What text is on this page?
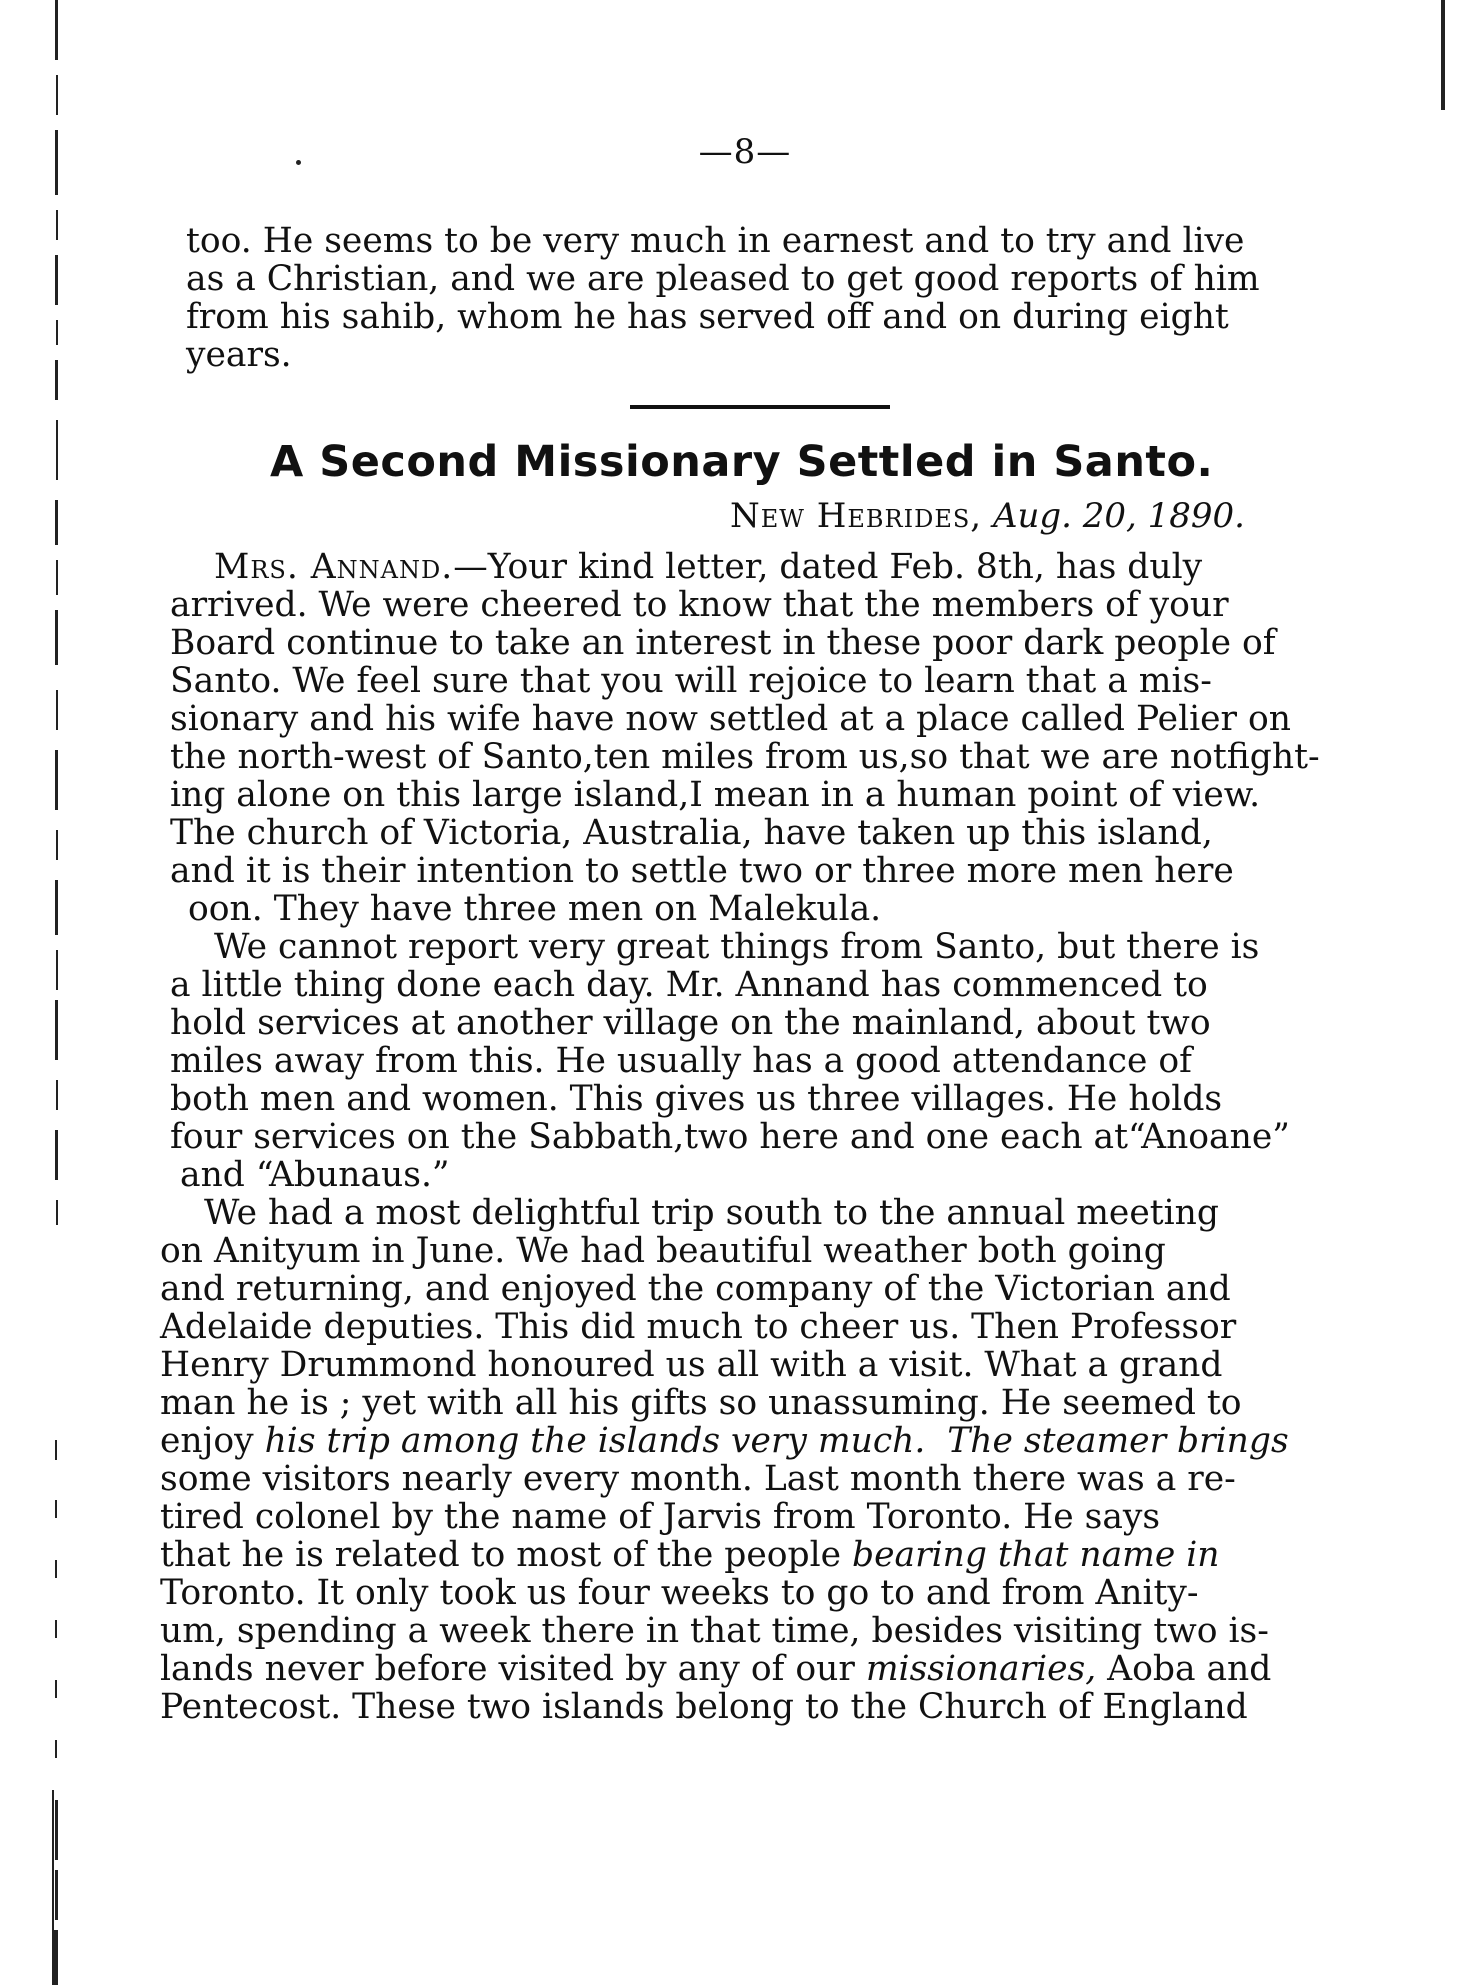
—8—
too. He seems to be very much in earnest and to try and live
as a Christian, and we are pleased to get good reports of him
from his sahib, whom he has served off and on during eight
years.
A Second Missionary Settled in Santo.
New Hebrides, Aug. 20, 1890.
Mrs. Annand.—Your kind letter, dated Feb. 8th, has duly
arrived. We were cheered to know that the members of your
Board continue to take an interest in these poor dark people of
Santo. We feel sure that you will rejoice to learn that a mis-
sionary and his wife have now settled at a place called Pelier on
the north-west of Santo,ten miles from us,so that we are notfight-
ing alone on this large island,I mean in a human point of view.
The church of Victoria, Australia, have taken up this island,
and it is their intention to settle two or three more men here
oon. They have three men on Malekula.
We cannot report very great things from Santo, but there is
a little thing done each day. Mr. Annand has commenced to
hold services at another village on the mainland, about two
miles away from this. He usually has a good attendance of
both men and women. This gives us three villages. He holds
four services on the Sabbath,two here and one each at“Anoane”
and “Abunaus.”
We had a most delightful trip south to the annual meeting
on Anityum in June. We had beautiful weather both going
and returning, and enjoyed the company of the Victorian and
Adelaide deputies. This did much to cheer us. Then Professor
Henry Drummond honoured us all with a visit. What a grand
man he is ; yet with all his gifts so unassuming. He seemed to
enjoy his trip among the islands very much. The steamer brings
some visitors nearly every month. Last month there was a re-
tired colonel by the name of Jarvis from Toronto. He says
that he is related to most of the people bearing that name in
Toronto. It only took us four weeks to go to and from Anity-
um, spending a week there in that time, besides visiting two is-
lands never before visited by any of our missionaries, Aoba and
Pentecost. These two islands belong to the Church of England
